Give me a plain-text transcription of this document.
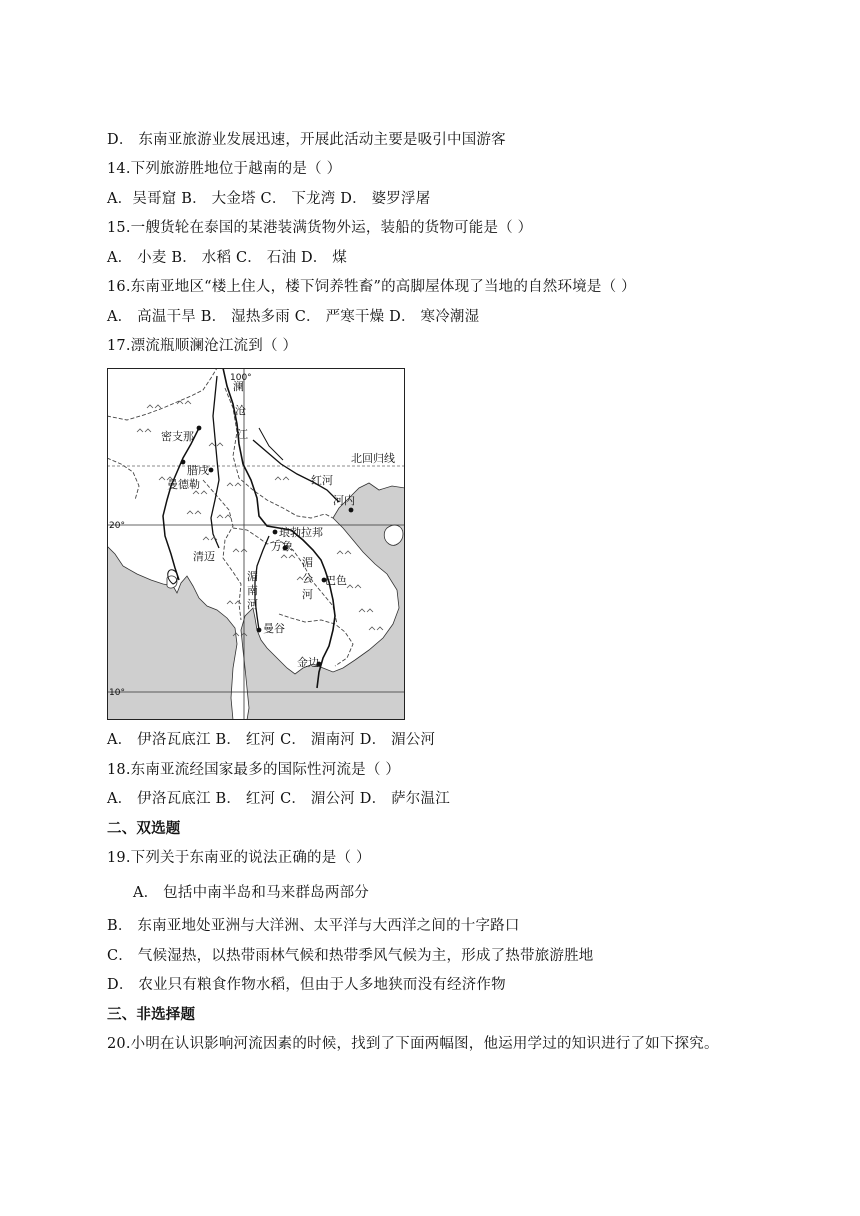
D． 东南亚旅游业发展迅速，开展此活动主要是吸引中国游客
14.下列旅游胜地位于越南的是（ ）
A．吴哥窟 B． 大金塔 C． 下龙湾 D． 婆罗浮屠
15.一艘货轮在泰国的某港装满货物外运，装船的货物可能是（ ）
A． 小麦 B． 水稻 C． 石油 D． 煤
16.东南亚地区“楼上住人，楼下饲养牲畜”的高脚屋体现了当地的自然环境是（ ）
A． 高温干旱 B． 湿热多雨 C． 严寒干燥 D． 寒冷潮湿
17.漂流瓶顺澜沧江流到（ ）
100°
20°
10°
北回归线
澜
沧
江
红河
湄
南
河
湄
公
河
密支那
腊戌
曼德勒
河内
琅勃拉邦
万象
清迈
巴色
曼谷
金边
A． 伊洛瓦底江 B． 红河 C． 湄南河 D． 湄公河
18.东南亚流经国家最多的国际性河流是（ ）
A． 伊洛瓦底江 B． 红河 C． 湄公河 D． 萨尔温江
二、双选题
19.下列关于东南亚的说法正确的是（ ）
A． 包括中南半岛和马来群岛两部分
B． 东南亚地处亚洲与大洋洲、太平洋与大西洋之间的十字路口
C． 气候湿热，以热带雨林气候和热带季风气候为主，形成了热带旅游胜地
D． 农业只有粮食作物水稻，但由于人多地狭而没有经济作物
三、非选择题
20.小明在认识影响河流因素的时候，找到了下面两幅图，他运用学过的知识进行了如下探究。
